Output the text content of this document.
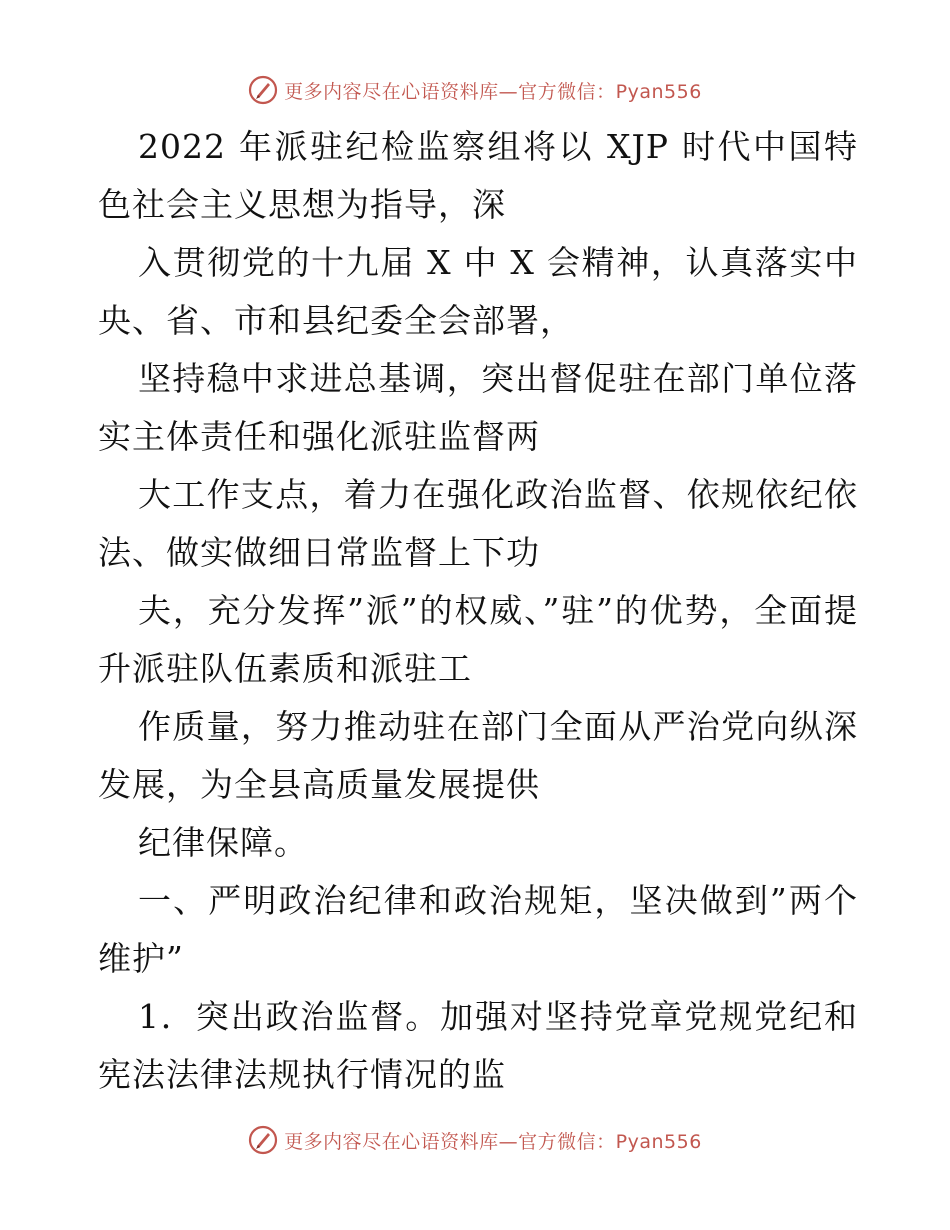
更多内容尽在心语资料库—官方微信：Pyan556

2022 年派驻纪检监察组将以 XJP 时代中国特色社会主义思想为指导，深

入贯彻党的十九届 X 中 X 会精神，认真落实中央、省、市和县纪委全会部署，

坚持稳中求进总基调，突出督促驻在部门单位落实主体责任和强化派驻监督两

大工作支点，着力在强化政治监督、依规依纪依法、做实做细日常监督上下功

夫，充分发挥”派”的权威、”驻”的优势，全面提升派驻队伍素质和派驻工

作质量，努力推动驻在部门全面从严治党向纵深发展，为全县高质量发展提供

纪律保障。

一、严明政治纪律和政治规矩，坚决做到”两个维护”

1．突出政治监督。加强对坚持党章党规党纪和宪法法律法规执行情况的监

更多内容尽在心语资料库—官方微信：Pyan556
